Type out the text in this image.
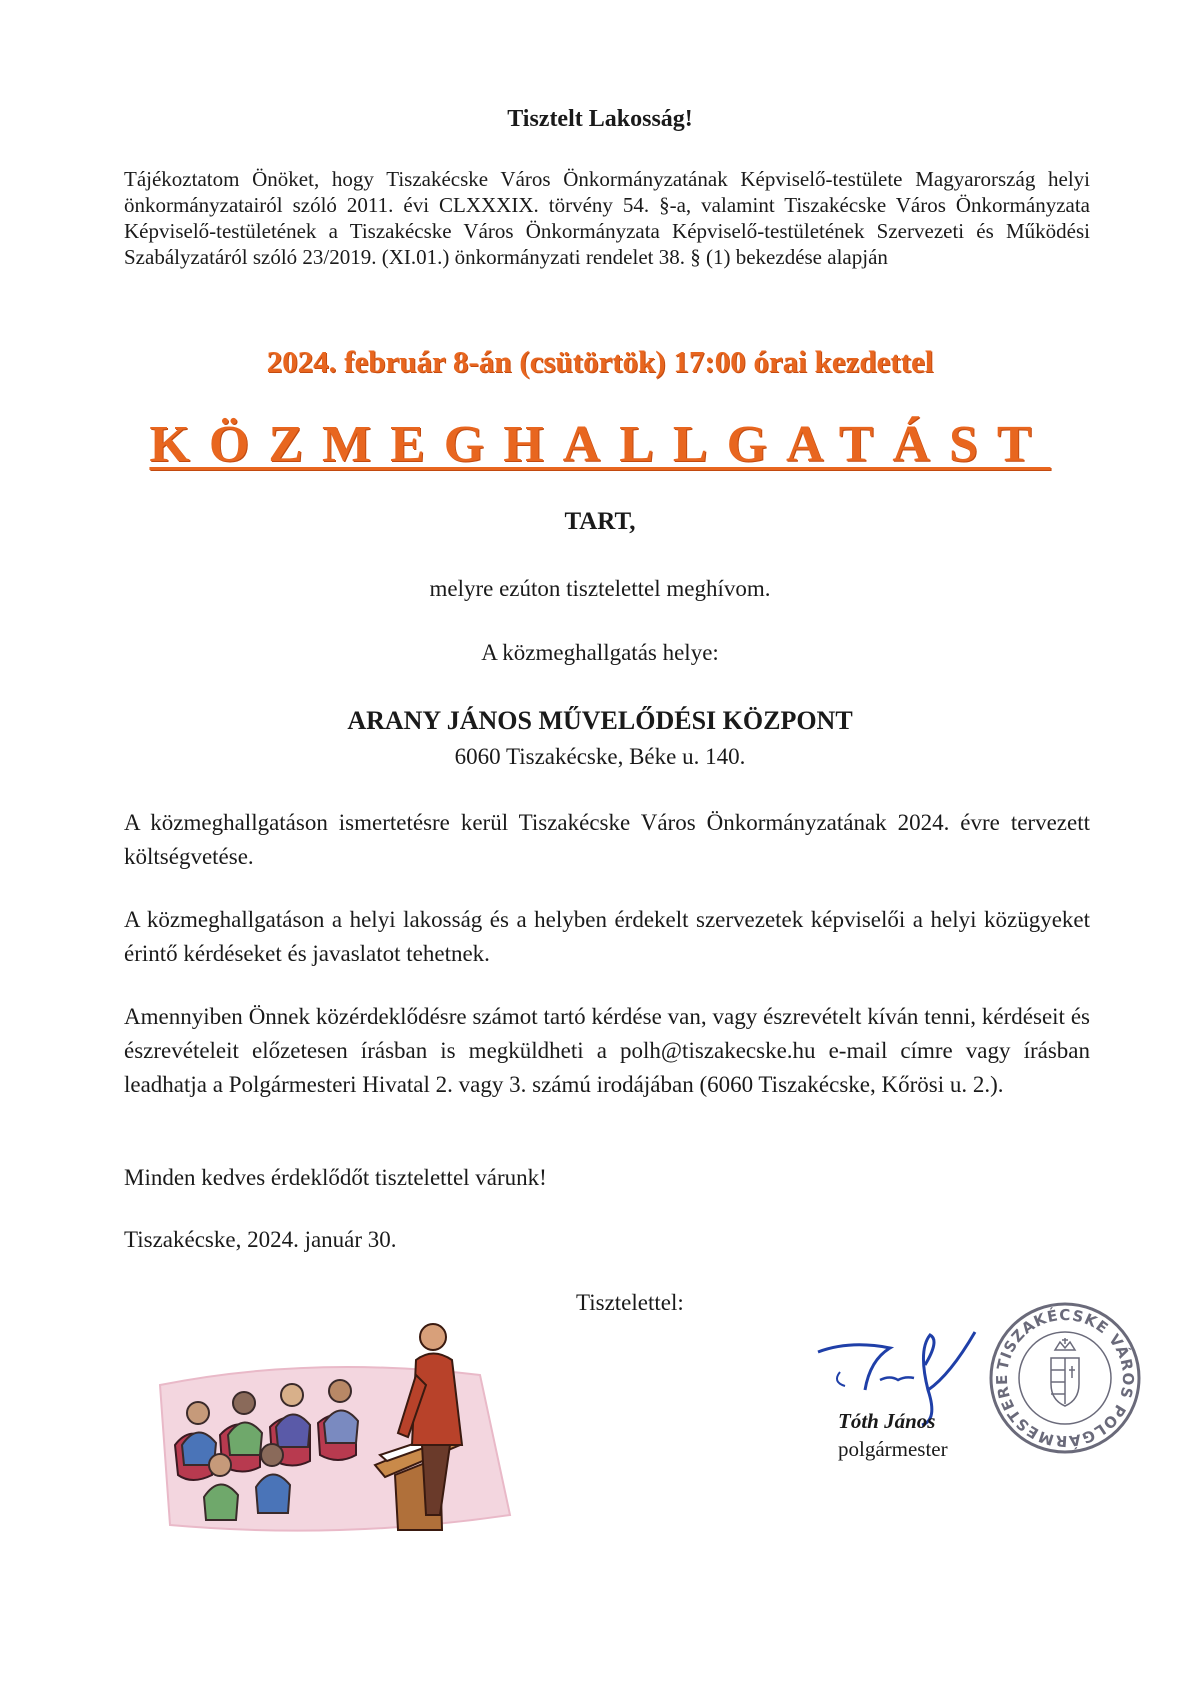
Tisztelt Lakosság!
Tájékoztatom Önöket, hogy Tiszakécske Város Önkormányzatának Képviselő-testülete Magyarország helyi önkormányzatairól szóló 2011. évi CLXXXIX. törvény 54. §-a, valamint Tiszakécske Város Önkormányzata Képviselő-testületének a Tiszakécske Város Önkormányzata Képviselő-testületének Szervezeti és Működési Szabályzatáról szóló 23/2019. (XI.01.) önkormányzati rendelet 38. § (1) bekezdése alapján
2024. február 8-án (csütörtök) 17:00 órai kezdettel
KÖZMEGHALLGATÁST
TART,
melyre ezúton tisztelettel meghívom.
A közmeghallgatás helye:
ARANY JÁNOS MŰVELŐDÉSI KÖZPONT
6060 Tiszakécske, Béke u. 140.
A közmeghallgatáson ismertetésre kerül Tiszakécske Város Önkormányzatának 2024. évre tervezett költségvetése.
A közmeghallgatáson a helyi lakosság és a helyben érdekelt szervezetek képviselői a helyi közügyeket érintő kérdéseket és javaslatot tehetnek.
Amennyiben Önnek közérdeklődésre számot tartó kérdése van, vagy észrevételt kíván tenni, kérdéseit és észrevételeit előzetesen írásban is megküldheti a polh@tiszakecske.hu e-mail címre vagy írásban leadhatja a Polgármesteri Hivatal 2. vagy 3. számú irodájában (6060 Tiszakécske, Kőrösi u. 2.).
Minden kedves érdeklődőt tisztelettel várunk!
Tiszakécske, 2024. január 30.
Tisztelettel:
TISZAKÉCSKE VÁROS POLGÁRMESTERE
Tóth János
polgármester
